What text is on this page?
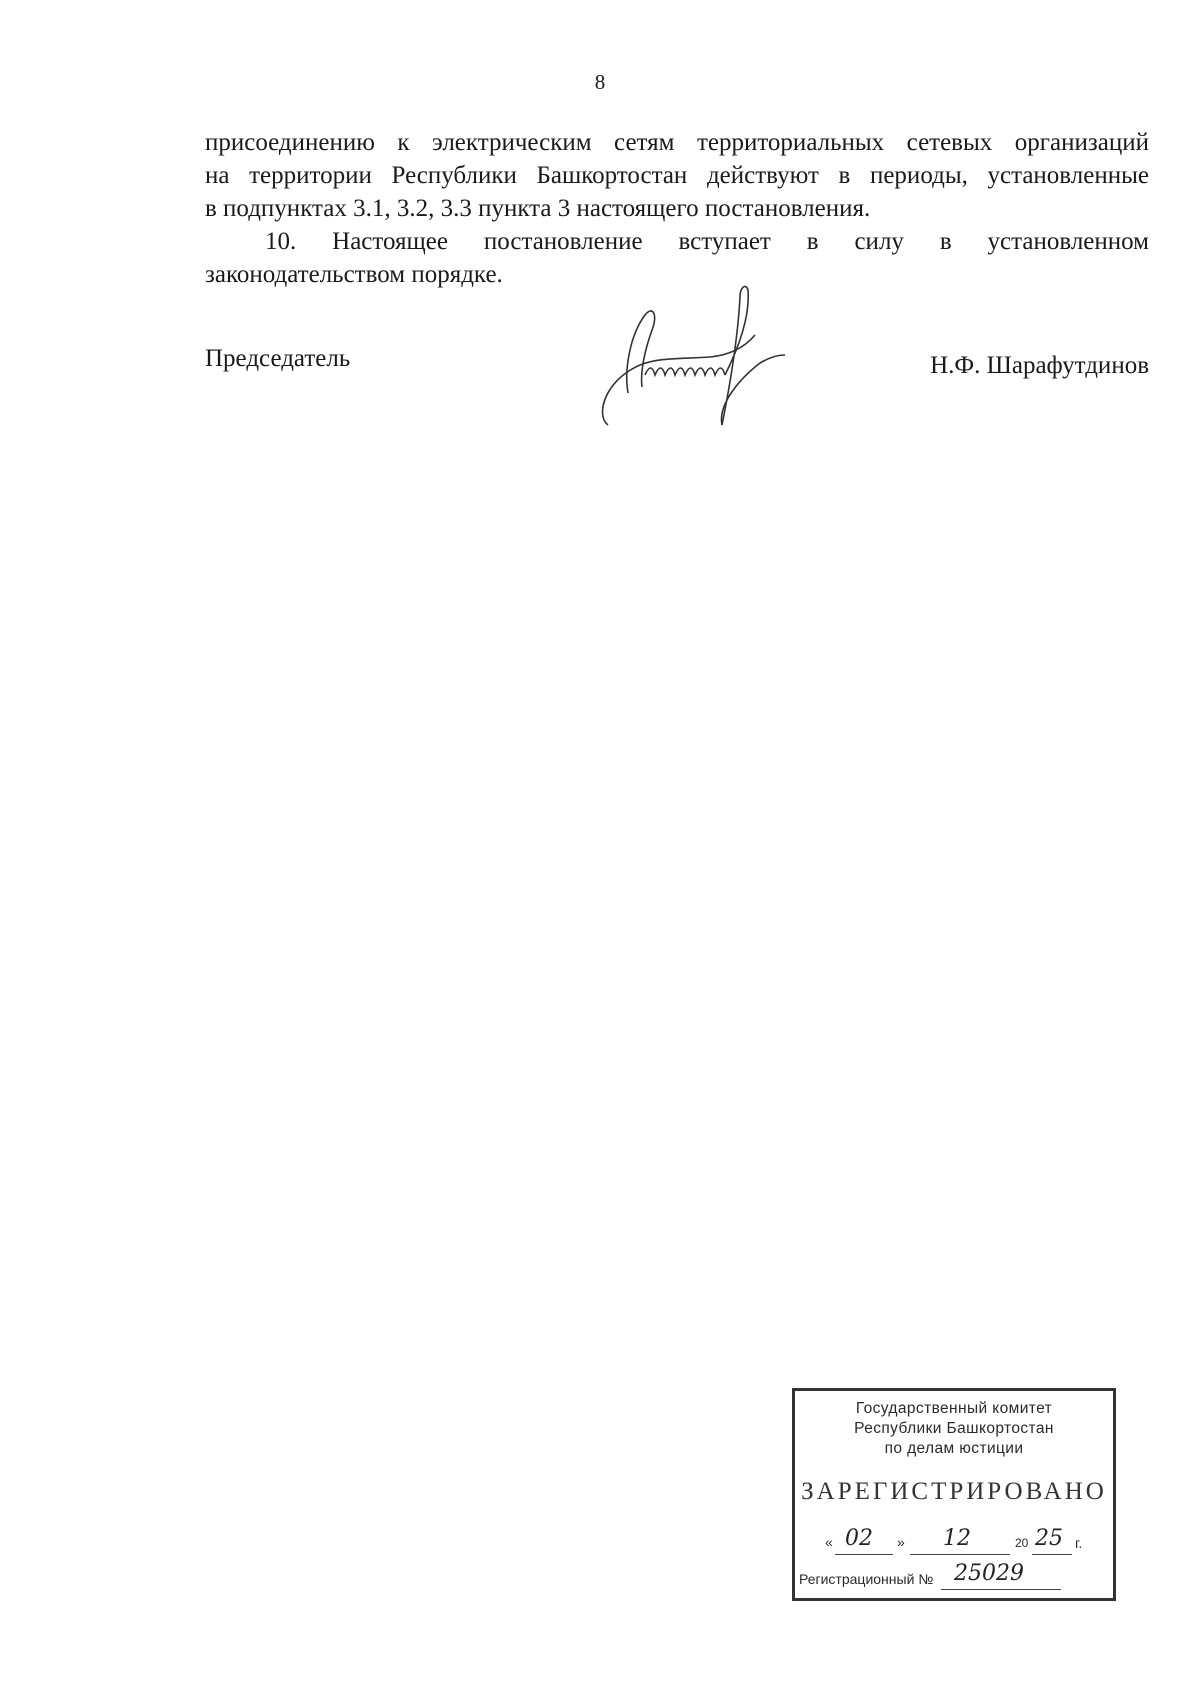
8

присоединению к электрическим сетям территориальных сетевых организаций

на территории Республики Башкортостан действуют в периоды, установленные

в подпунктах 3.1, 3.2, 3.3 пункта 3 настоящего постановления.

10. Настоящее постановление вступает в силу в установленном

законодательством порядке.

Председатель	Н.Ф. Шарафутдинов
Государственный комитет
Республики Башкортостан
по делам юстиции
ЗАРЕГИСТРИРОВАНО
« 02 » 12	20 25 г.
Регистрационный № 25029
